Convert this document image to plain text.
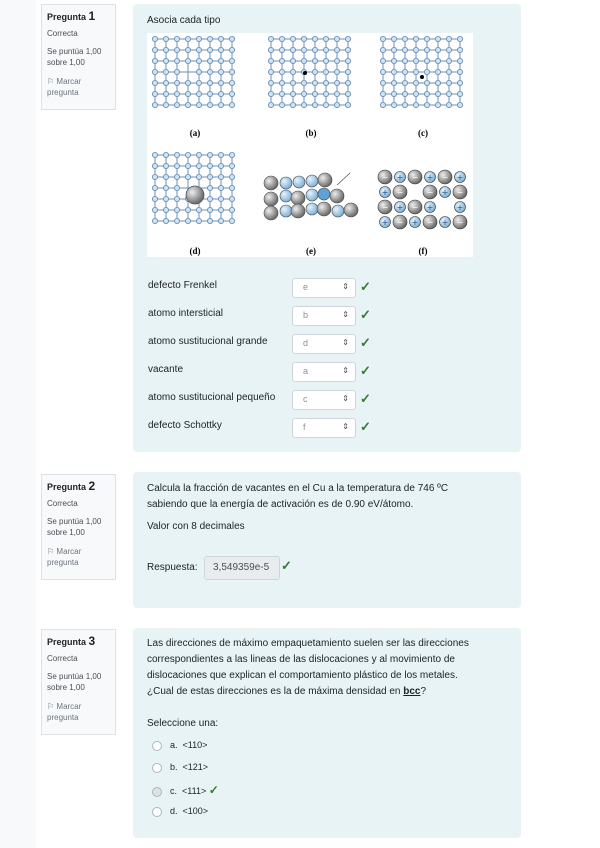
Pregunta 1
Correcta
Se puntúa 1,00 sobre 1,00
⚐ Marcar pregunta
Asocia cada tipo
− + − + − +
+ −	− + −
− + − +	+
+ − + − + −
(a)	(b)	(c)
(d)	(e)	(f)
defecto Frenkel	e	⇕ ✓
atomo intersticial	b	⇕ ✓
atomo sustitucional grande	d	⇕ ✓
vacante	a	⇕ ✓
atomo sustitucional pequeño	c	⇕ ✓
defecto Schottky	f	⇕ ✓
Pregunta 2
Correcta
Se puntúa 1,00 sobre 1,00
⚐ Marcar pregunta
Calcula la fracción de vacantes en el Cu a la temperatura de 746 ºC
sabiendo que la energía de activación es de 0.90 eV/átomo.
Valor con 8 decimales
Respuesta:	3,549359e-5 ✓
Pregunta 3
Correcta
Se puntúa 1,00 sobre 1,00
⚐ Marcar pregunta
Las direcciones de máximo empaquetamiento suelen ser las direcciones
correspondientes a las lineas de las dislocaciones y al movimiento de
dislocaciones que explican el comportamiento plástico de los metales.
¿Cual de estas direcciones es la de máxima densidad en bcc?
Seleccione una:
a. <110>
b. <121>
c. <111> ✓
d. <100>
